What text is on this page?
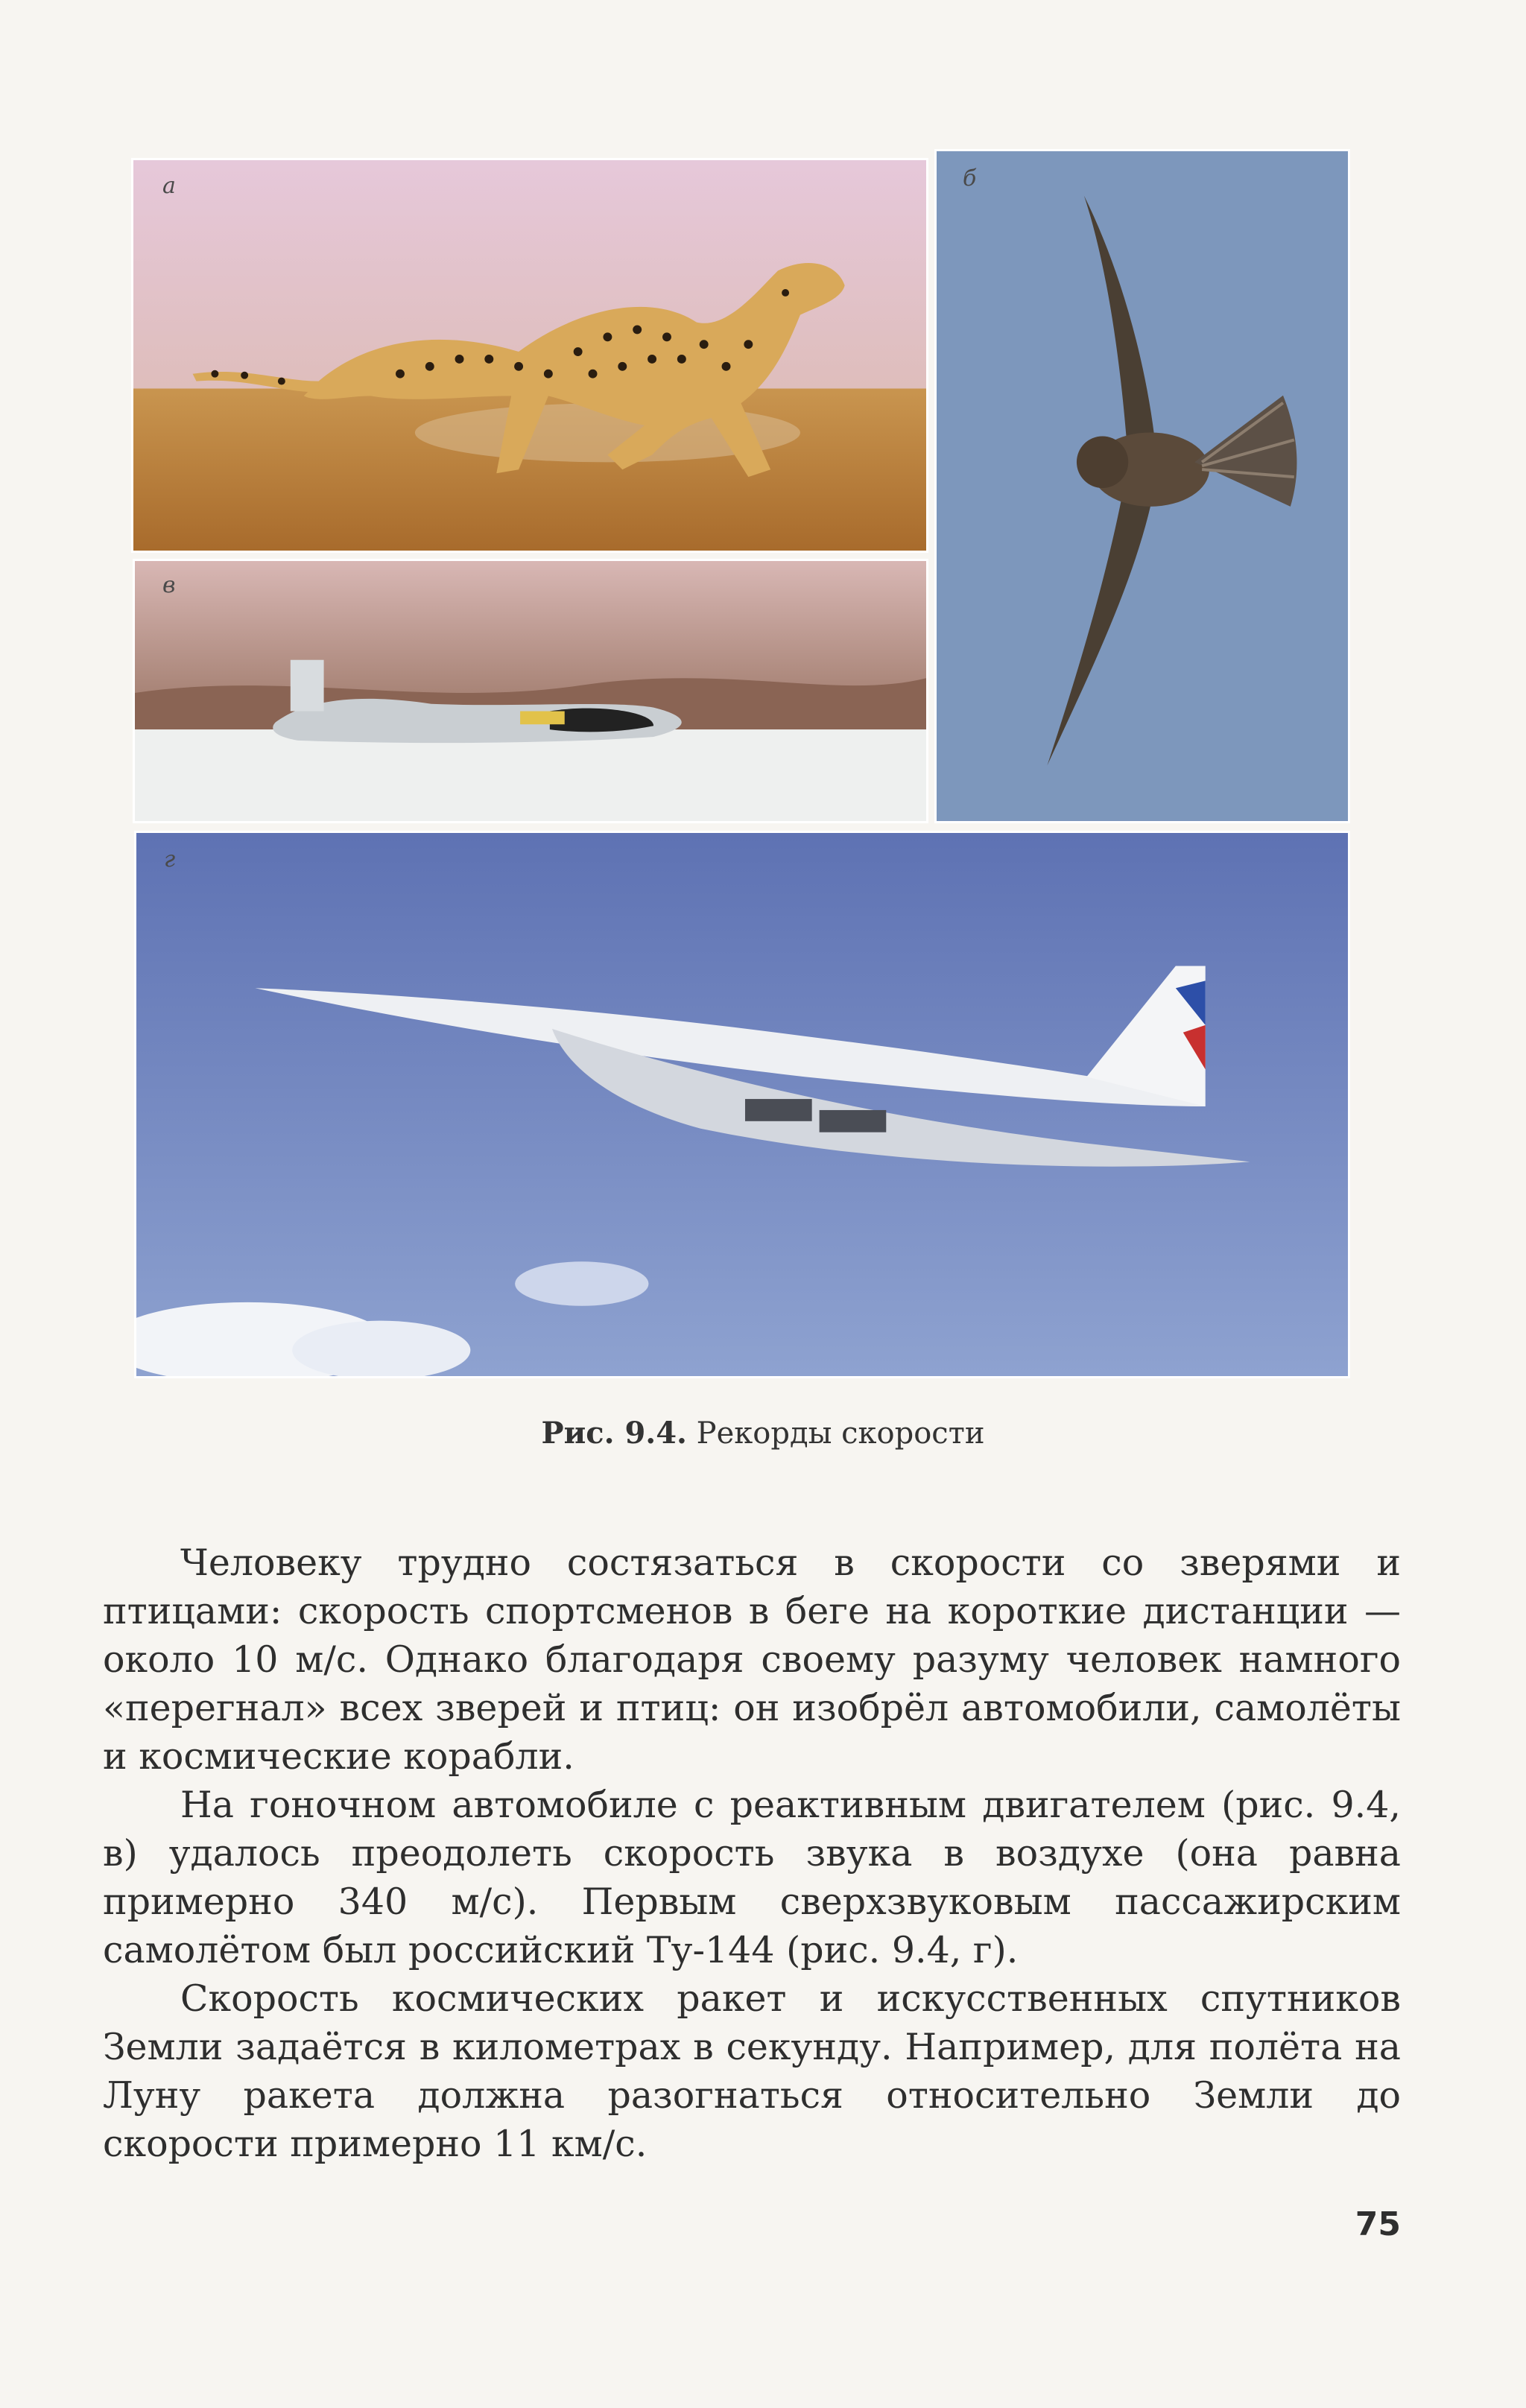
а	б
в
г
Рис. 9.4. Рекорды скорости

Человеку трудно состязаться в скорости со зверями и птицами: скорость спортсменов в беге на короткие дистанции — около 10 м/с. Однако благодаря своему разуму человек намного «перегнал» всех зверей и птиц: он изобрёл автомобили, самолёты и космические корабли.

На гоночном автомобиле с реактивным двигателем (рис. 9.4, в) удалось преодолеть скорость звука в воздухе (она равна примерно 340 м/с). Первым сверхзвуковым пассажирским самолётом был российский Ту-144 (рис. 9.4, г).

Скорость космических ракет и искусственных спутников Земли задаётся в километрах в секунду. Например, для полёта на Луну ракета должна разогнаться относительно Земли до скорости примерно 11 км/с.

75
